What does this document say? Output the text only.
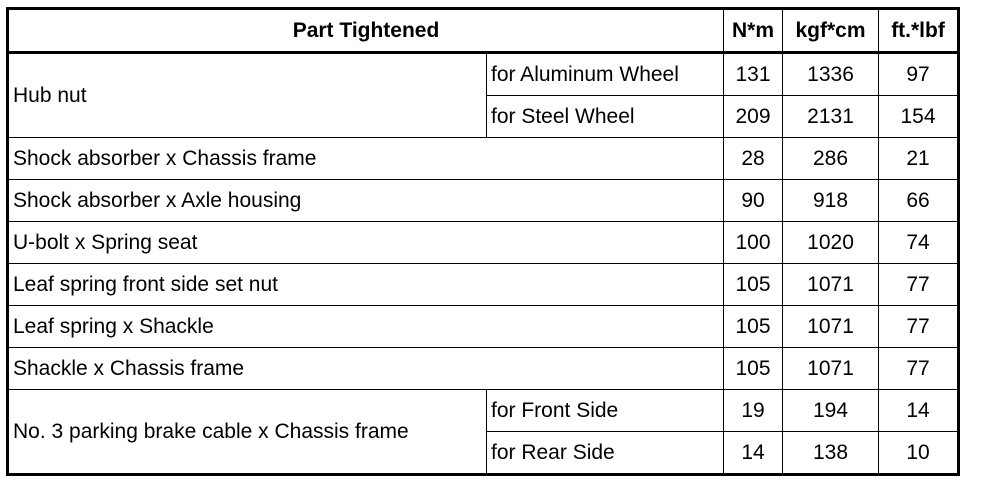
Part Tightened		N*m	kgf*cm	ft.*lbf
Hub nut	for Aluminum Wheel	131	1336	97
	for Steel Wheel	209	2131	154
Shock absorber x Chassis frame		28	286	21
Shock absorber x Axle housing		90	918	66
U-bolt x Spring seat		100	1020	74
Leaf spring front side set nut		105	1071	77
Leaf spring x Shackle		105	1071	77
Shackle x Chassis frame		105	1071	77
No. 3 parking brake cable x Chassis frame	for Front Side	19	194	14
	for Rear Side	14	138	10
